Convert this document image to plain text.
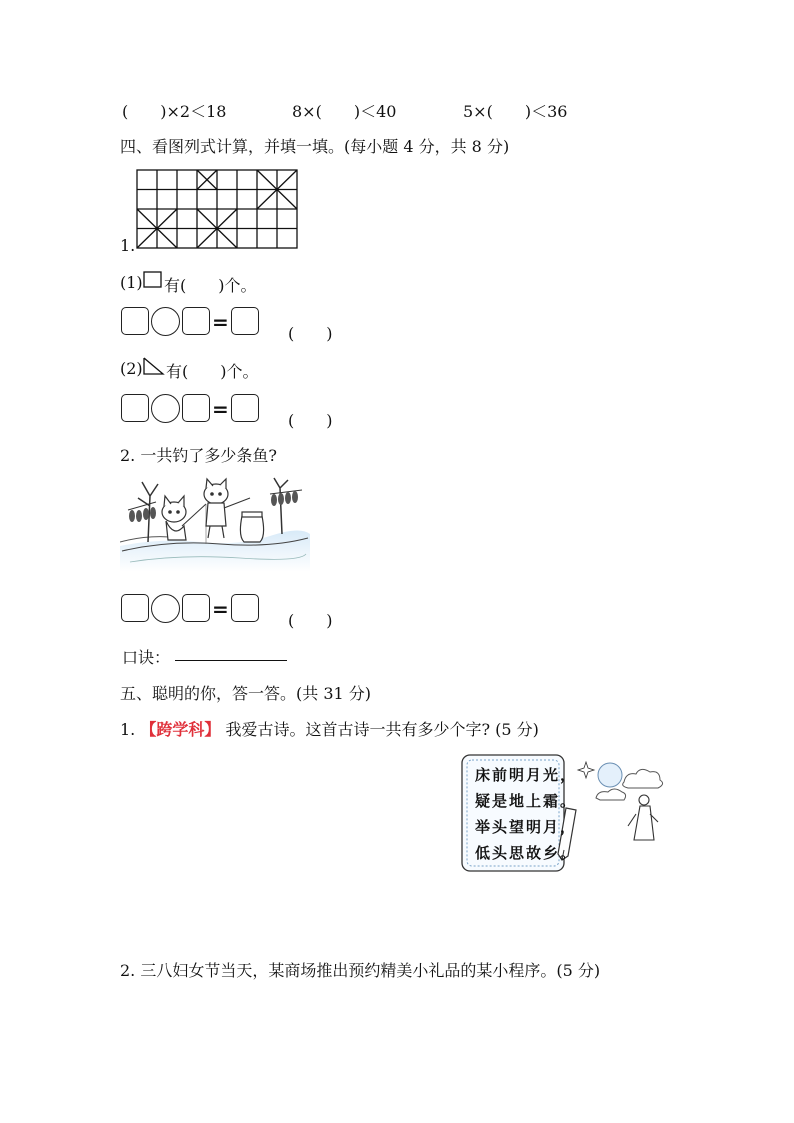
(　　)×2＜18	8×(　　)＜40	5×(　　)＜36
四、看图列式计算，并填一填。(每小题 4 分，共 8 分)
1.
(1) 有(　　)个。
=	(　　)
(2) 有(　　)个。
=	(　　)
2. 一共钓了多少条鱼?
=	(　　)
口诀：
五、聪明的你，答一答。(共 31 分)
1. 【跨学科】 我爱古诗。这首古诗一共有多少个字? (5 分)
床前明月光，
疑是地上霜。
举头望明月，
低头思故乡。
2. 三八妇女节当天，某商场推出预约精美小礼品的某小程序。(5 分)
